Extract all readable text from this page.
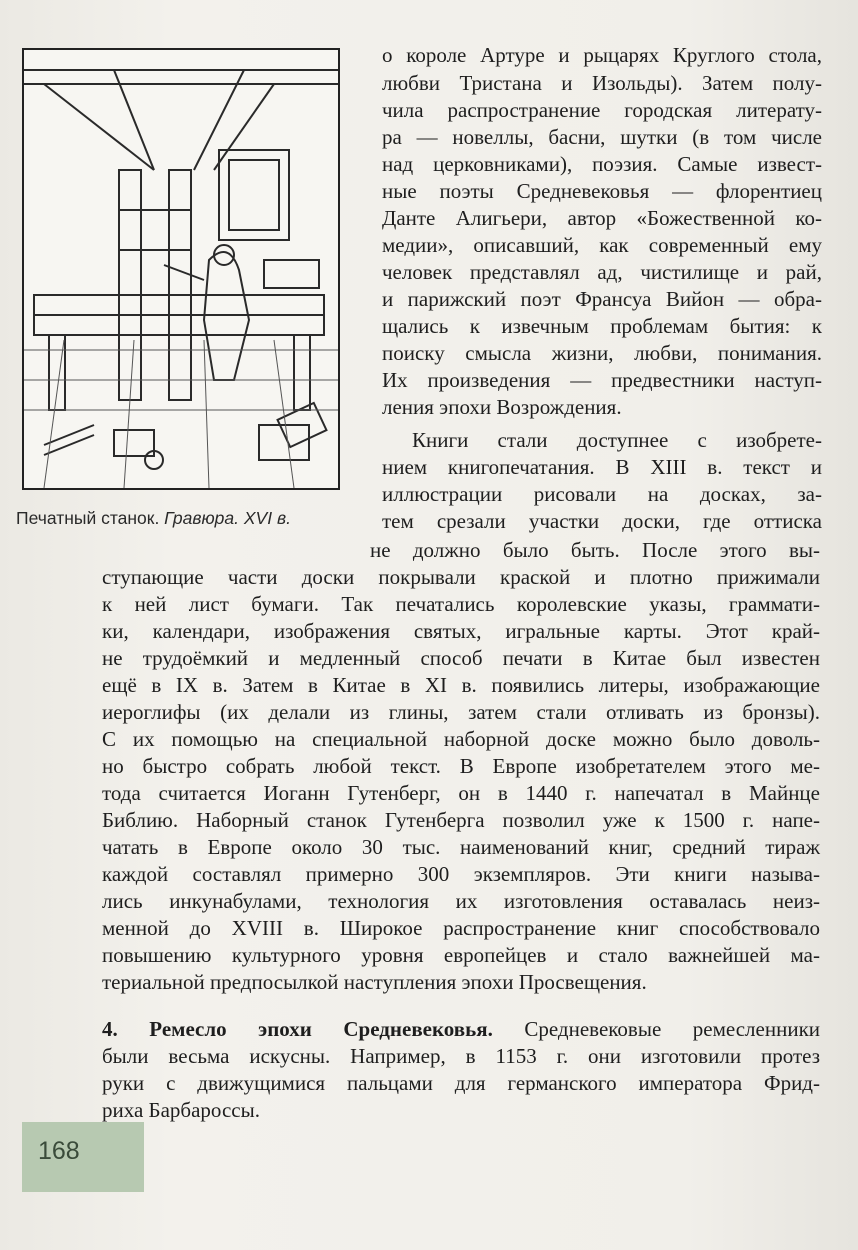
Печатный станок. Гравюра. XVI в.
о короле Артуре и рыцарях Круглого стола,
любви Тристана и Изольды). Затем полу-
чила распространение городская литерату-
ра — новеллы, басни, шутки (в том числе
над церковниками), поэзия. Самые извест-
ные поэты Средневековья — флорентиец
Данте Алигьери, автор «Божественной ко-
медии», описавший, как современный ему
человек представлял ад, чистилище и рай,
и парижский поэт Франсуа Вийон — обра-
щались к извечным проблемам бытия: к
поиску смысла жизни, любви, понимания.
Их произведения — предвестники наступ-
ления эпохи Возрождения.
Книги стали доступнее с изобрете-
нием книгопечатания. В XIII в. текст и
иллюстрации рисовали на досках, за-
тем срезали участки доски, где оттиска
не должно было быть. После этого вы-
ступающие части доски покрывали краской и плотно прижимали
к ней лист бумаги. Так печатались королевские указы, граммати-
ки, календари, изображения святых, игральные карты. Этот край-
не трудоёмкий и медленный способ печати в Китае был известен
ещё в IX в. Затем в Китае в XI в. появились литеры, изображающие
иероглифы (их делали из глины, затем стали отливать из бронзы).
С их помощью на специальной наборной доске можно было доволь-
но быстро собрать любой текст. В Европе изобретателем этого ме-
тода считается Иоганн Гутенберг, он в 1440 г. напечатал в Майнце
Библию. Наборный станок Гутенберга позволил уже к 1500 г. напе-
чатать в Европе около 30 тыс. наименований книг, средний тираж
каждой составлял примерно 300 экземпляров. Эти книги называ-
лись инкунабулами, технология их изготовления оставалась неиз-
менной до XVIII в. Широкое распространение книг способствовало
повышению культурного уровня европейцев и стало важнейшей ма-
териальной предпосылкой наступления эпохи Просвещения.
4. Ремесло эпохи Средневековья. Средневековые ремесленники
были весьма искусны. Например, в 1153 г. они изготовили протез
руки с движущимися пальцами для германского императора Фрид-
риха Барбароссы.
168
